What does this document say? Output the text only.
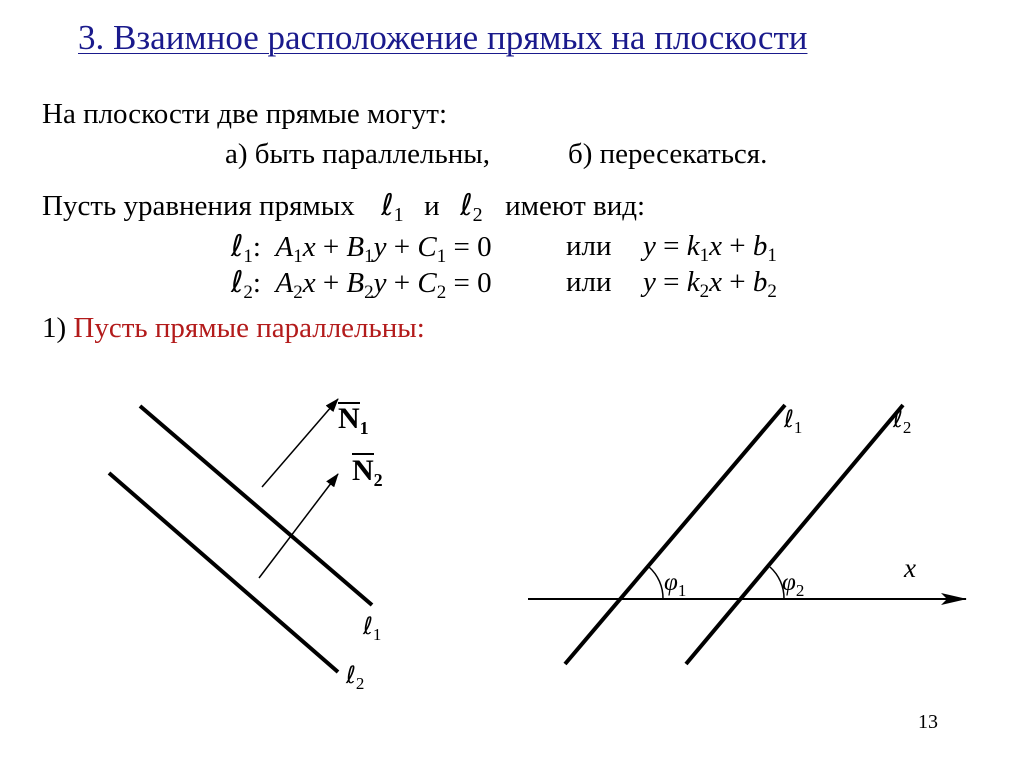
3. Взаимное расположение прямых на плоскости
На плоскости две прямые могут:
а) быть параллельны,	б) пересекаться.
Пусть уравнения прямых ℓ$_1$ и ℓ$_2$ имеют вид:
ℓ$_1$:  $A_1x + B_1y + C_1 = 0$	или $y = k_1x + b_1$
ℓ$_2$:  $A_2x + B_2y + C_2 = 0$	или $y = k_2x + b_2$
1) Пусть прямые параллельны:
$N_1$
$N_2$
ℓ$_1$
ℓ$_2$
ℓ$_1$	ℓ$_2$
x
$\varphi_1$	$\varphi_2$
13
